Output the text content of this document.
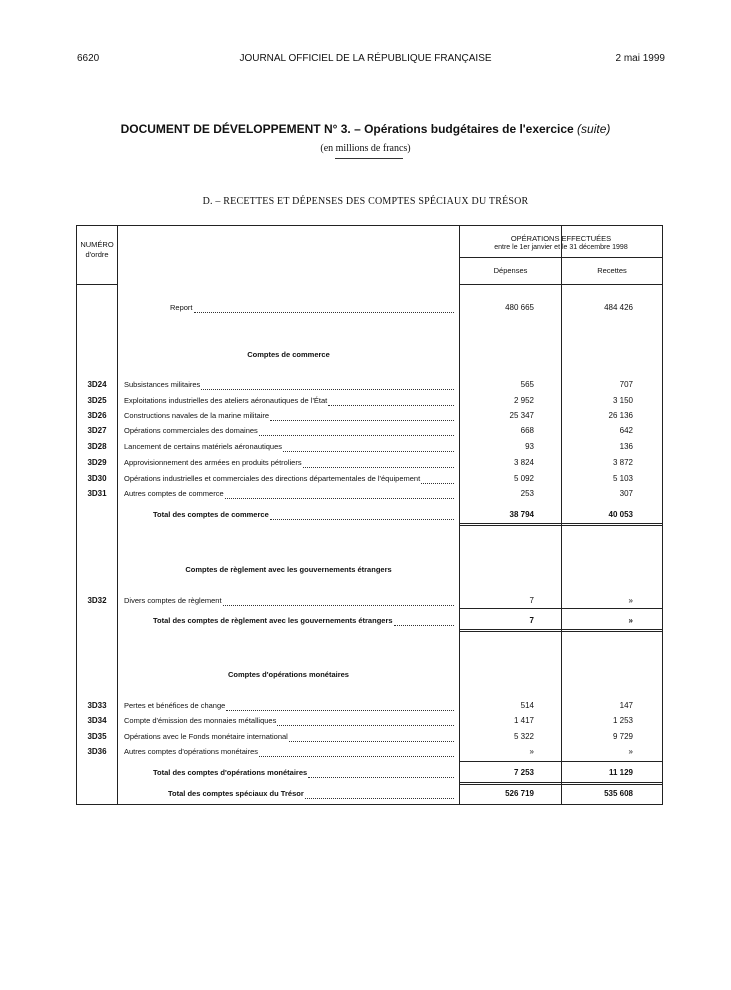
6620	JOURNAL OFFICIEL DE LA RÉPUBLIQUE FRANÇAISE	2 mai 1999
DOCUMENT DE DÉVELOPPEMENT N° 3. – Opérations budgétaires de l'exercice (suite)
(en millions de francs)
D. – RECETTES ET DÉPENSES DES COMPTES SPÉCIAUX DU TRÉSOR
NUMÉRO
d'ordre
OPÉRATIONS EFFECTUÉES
entre le 1er janvier et le 31 décembre 1998
Dépenses	Recettes
Report	480 665	484 426
Comptes de commerce
3D24	Subsistances militaires	565	707
3D25	Exploitations industrielles des ateliers aéronautiques de l'État	2 952	3 150
3D26	Constructions navales de la marine militaire	25 347	26 136
3D27	Opérations commerciales des domaines	668	642
3D28	Lancement de certains matériels aéronautiques	93	136
3D29	Approvisionnement des armées en produits pétroliers	3 824	3 872
3D30	Opérations industrielles et commerciales des directions départementales de l'équipement	5 092	5 103
3D31	Autres comptes de commerce	253	307
Total des comptes de commerce	38 794	40 053
Comptes de règlement avec les gouvernements étrangers
3D32	Divers comptes de règlement	7	»
Total des comptes de règlement avec les gouvernements étrangers	7	»
Comptes d'opérations monétaires
3D33	Pertes et bénéfices de change	514	147
3D34	Compte d'émission des monnaies métalliques	1 417	1 253
3D35	Opérations avec le Fonds monétaire international	5 322	9 729
3D36	Autres comptes d'opérations monétaires	»	»
Total des comptes d'opérations monétaires	7 253	11 129
Total des comptes spéciaux du Trésor	526 719	535 608
